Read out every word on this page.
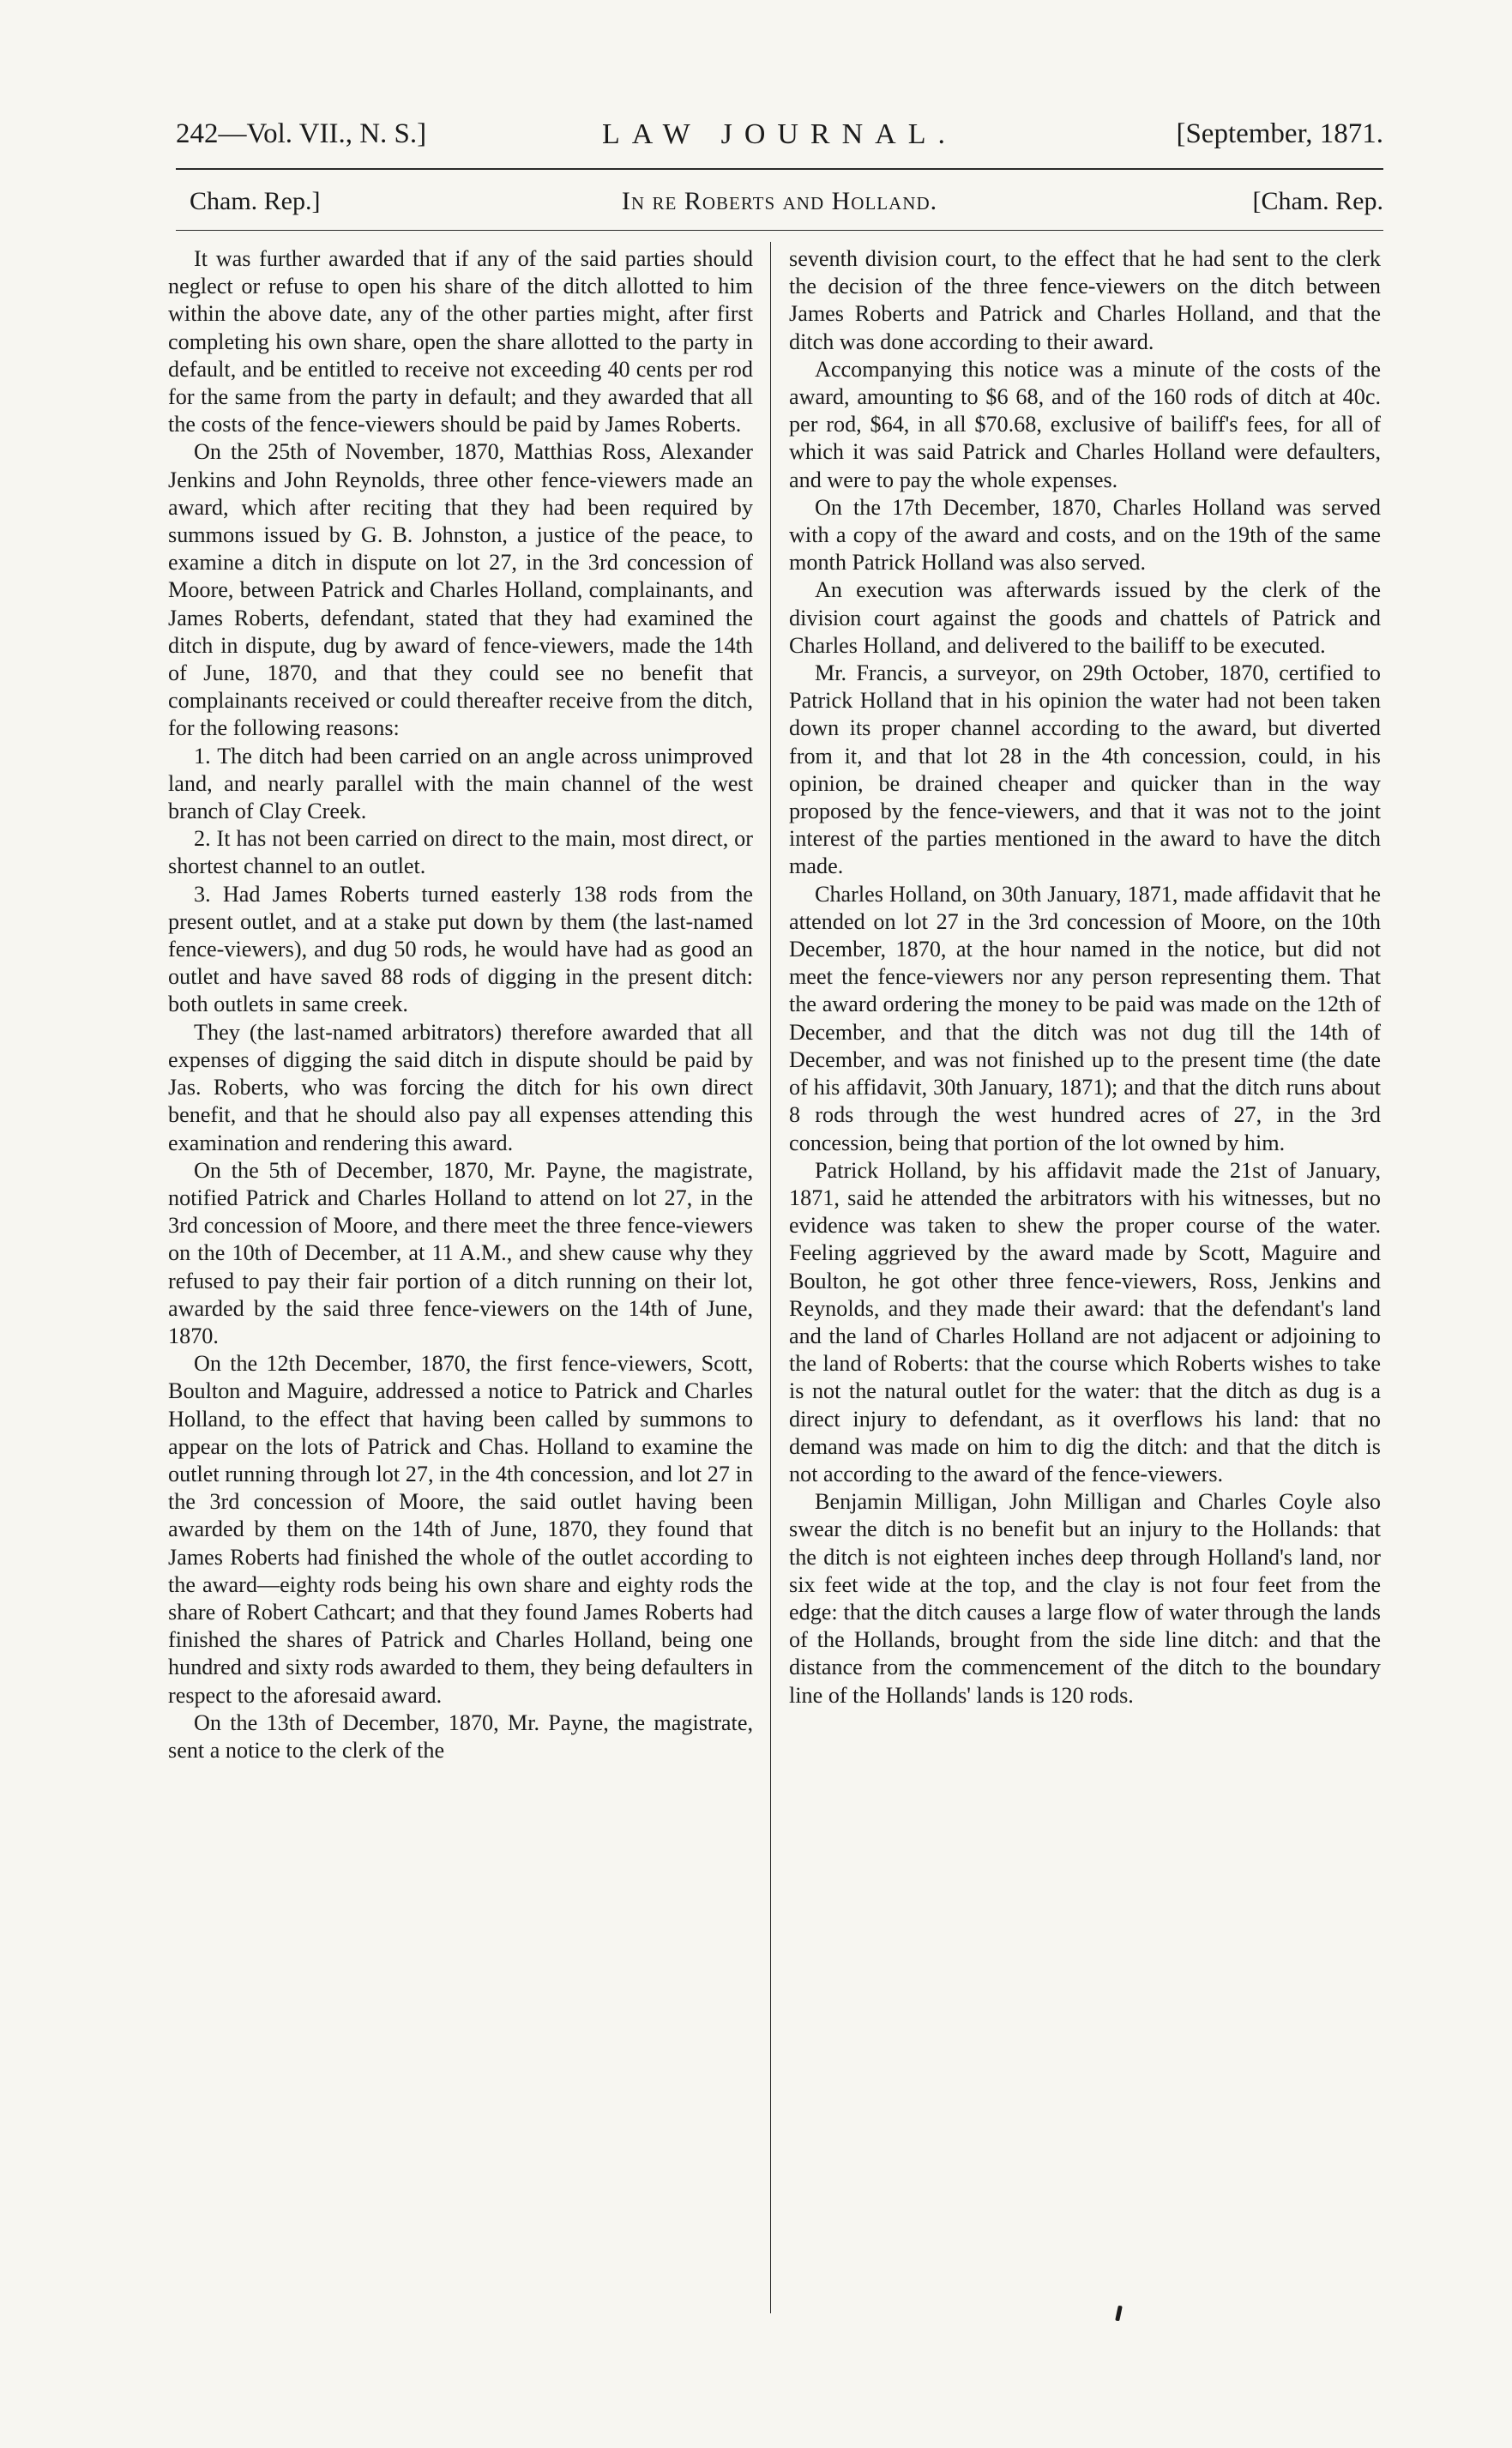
242—Vol. VII., N. S.]	LAW JOURNAL.	[September, 1871.
Cham. Rep.]	In re Roberts and Holland.	[Cham. Rep.

It was further awarded that if any of the said parties should neglect or refuse to open his share of the ditch allotted to him within the above date, any of the other parties might, after first completing his own share, open the share allotted to the party in default, and be entitled to receive not exceeding 40 cents per rod for the same from the party in default; and they awarded that all the costs of the fence-viewers should be paid by James Roberts.

On the 25th of November, 1870, Matthias Ross, Alexander Jenkins and John Reynolds, three other fence-viewers made an award, which after reciting that they had been required by summons issued by G. B. Johnston, a justice of the peace, to examine a ditch in dispute on lot 27, in the 3rd concession of Moore, between Patrick and Charles Holland, complainants, and James Roberts, defendant, stated that they had examined the ditch in dispute, dug by award of fence-viewers, made the 14th of June, 1870, and that they could see no benefit that complainants received or could thereafter receive from the ditch, for the following reasons:

1. The ditch had been carried on an angle across unimproved land, and nearly parallel with the main channel of the west branch of Clay Creek.

2. It has not been carried on direct to the main, most direct, or shortest channel to an outlet.

3. Had James Roberts turned easterly 138 rods from the present outlet, and at a stake put down by them (the last-named fence-viewers), and dug 50 rods, he would have had as good an outlet and have saved 88 rods of digging in the present ditch: both outlets in same creek.

They (the last-named arbitrators) therefore awarded that all expenses of digging the said ditch in dispute should be paid by Jas. Roberts, who was forcing the ditch for his own direct benefit, and that he should also pay all expenses attending this examination and rendering this award.

On the 5th of December, 1870, Mr. Payne, the magistrate, notified Patrick and Charles Holland to attend on lot 27, in the 3rd concession of Moore, and there meet the three fence-viewers on the 10th of December, at 11 A.M., and shew cause why they refused to pay their fair portion of a ditch running on their lot, awarded by the said three fence-viewers on the 14th of June, 1870.

On the 12th December, 1870, the first fence-viewers, Scott, Boulton and Maguire, addressed a notice to Patrick and Charles Holland, to the effect that having been called by summons to appear on the lots of Patrick and Chas. Holland to examine the outlet running through lot 27, in the 4th concession, and lot 27 in the 3rd concession of Moore, the said outlet having been awarded by them on the 14th of June, 1870, they found that James Roberts had finished the whole of the outlet according to the award—eighty rods being his own share and eighty rods the share of Robert Cathcart; and that they found James Roberts had finished the shares of Patrick and Charles Holland, being one hundred and sixty rods awarded to them, they being defaulters in respect to the aforesaid award.

On the 13th of December, 1870, Mr. Payne, the magistrate, sent a notice to the clerk of the

seventh division court, to the effect that he had sent to the clerk the decision of the three fence-viewers on the ditch between James Roberts and Patrick and Charles Holland, and that the ditch was done according to their award.

Accompanying this notice was a minute of the costs of the award, amounting to $6 68, and of the 160 rods of ditch at 40c. per rod, $64, in all $70.68, exclusive of bailiff's fees, for all of which it was said Patrick and Charles Holland were defaulters, and were to pay the whole expenses.

On the 17th December, 1870, Charles Holland was served with a copy of the award and costs, and on the 19th of the same month Patrick Holland was also served.

An execution was afterwards issued by the clerk of the division court against the goods and chattels of Patrick and Charles Holland, and delivered to the bailiff to be executed.

Mr. Francis, a surveyor, on 29th October, 1870, certified to Patrick Holland that in his opinion the water had not been taken down its proper channel according to the award, but diverted from it, and that lot 28 in the 4th concession, could, in his opinion, be drained cheaper and quicker than in the way proposed by the fence-viewers, and that it was not to the joint interest of the parties mentioned in the award to have the ditch made.

Charles Holland, on 30th January, 1871, made affidavit that he attended on lot 27 in the 3rd concession of Moore, on the 10th December, 1870, at the hour named in the notice, but did not meet the fence-viewers nor any person representing them. That the award ordering the money to be paid was made on the 12th of December, and that the ditch was not dug till the 14th of December, and was not finished up to the present time (the date of his affidavit, 30th January, 1871); and that the ditch runs about 8 rods through the west hundred acres of 27, in the 3rd concession, being that portion of the lot owned by him.

Patrick Holland, by his affidavit made the 21st of January, 1871, said he attended the arbitrators with his witnesses, but no evidence was taken to shew the proper course of the water. Feeling aggrieved by the award made by Scott, Maguire and Boulton, he got other three fence-viewers, Ross, Jenkins and Reynolds, and they made their award: that the defendant's land and the land of Charles Holland are not adjacent or adjoining to the land of Roberts: that the course which Roberts wishes to take is not the natural outlet for the water: that the ditch as dug is a direct injury to defendant, as it overflows his land: that no demand was made on him to dig the ditch: and that the ditch is not according to the award of the fence-viewers.

Benjamin Milligan, John Milligan and Charles Coyle also swear the ditch is no benefit but an injury to the Hollands: that the ditch is not eighteen inches deep through Holland's land, nor six feet wide at the top, and the clay is not four feet from the edge: that the ditch causes a large flow of water through the lands of the Hollands, brought from the side line ditch: and that the distance from the commencement of the ditch to the boundary line of the Hollands' lands is 120 rods.
